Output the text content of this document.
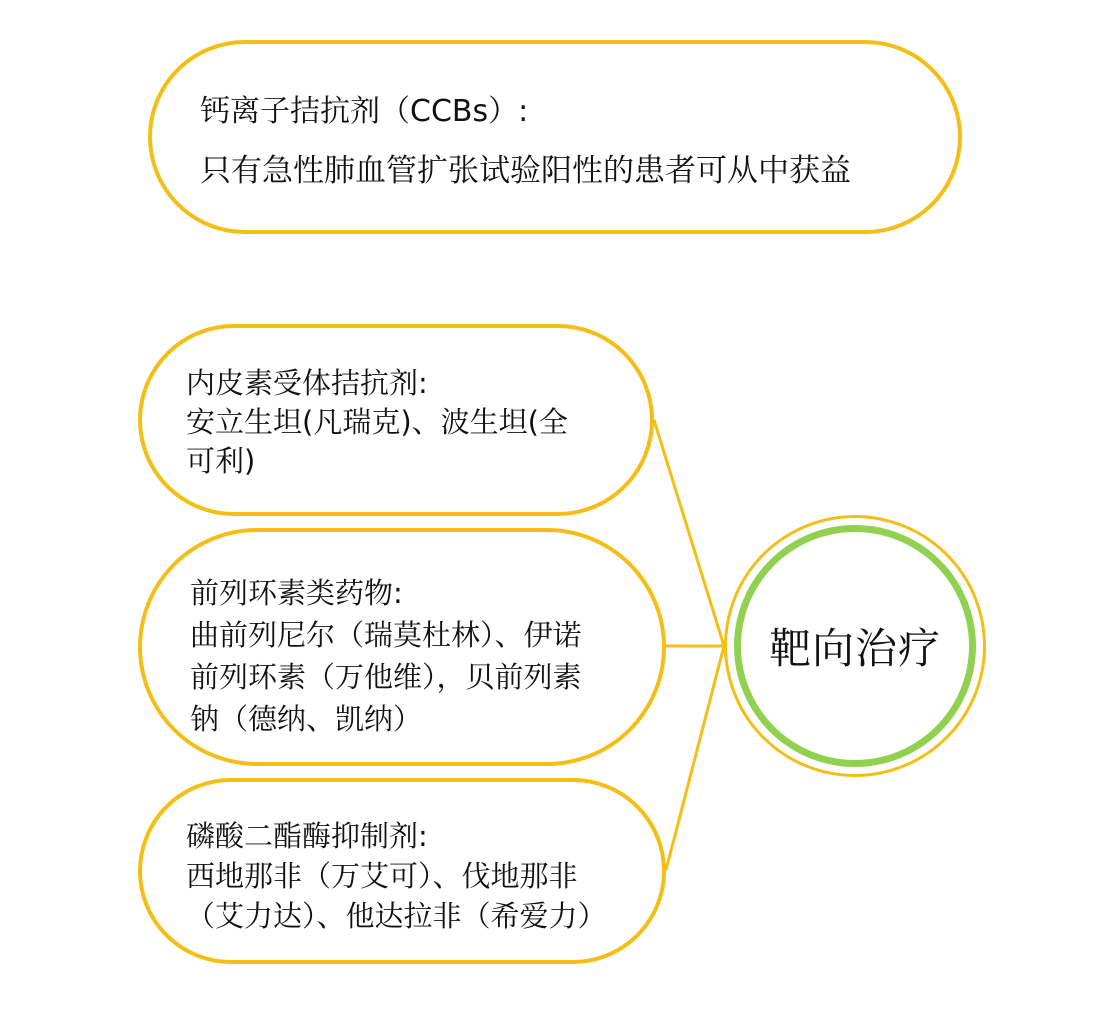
钙离子拮抗剂（CCBs）:
只有急性肺血管扩张试验阳性的患者可从中获益
内皮素受体拮抗剂:
安立生坦(凡瑞克)、波生坦(全
可利)
前列环素类药物:
曲前列尼尔（瑞莫杜林）、伊诺
前列环素（万他维），贝前列素
钠（德纳、凯纳）
磷酸二酯酶抑制剂:
西地那非（万艾可）、伐地那非
（艾力达）、他达拉非（希爱力）
靶向治疗
